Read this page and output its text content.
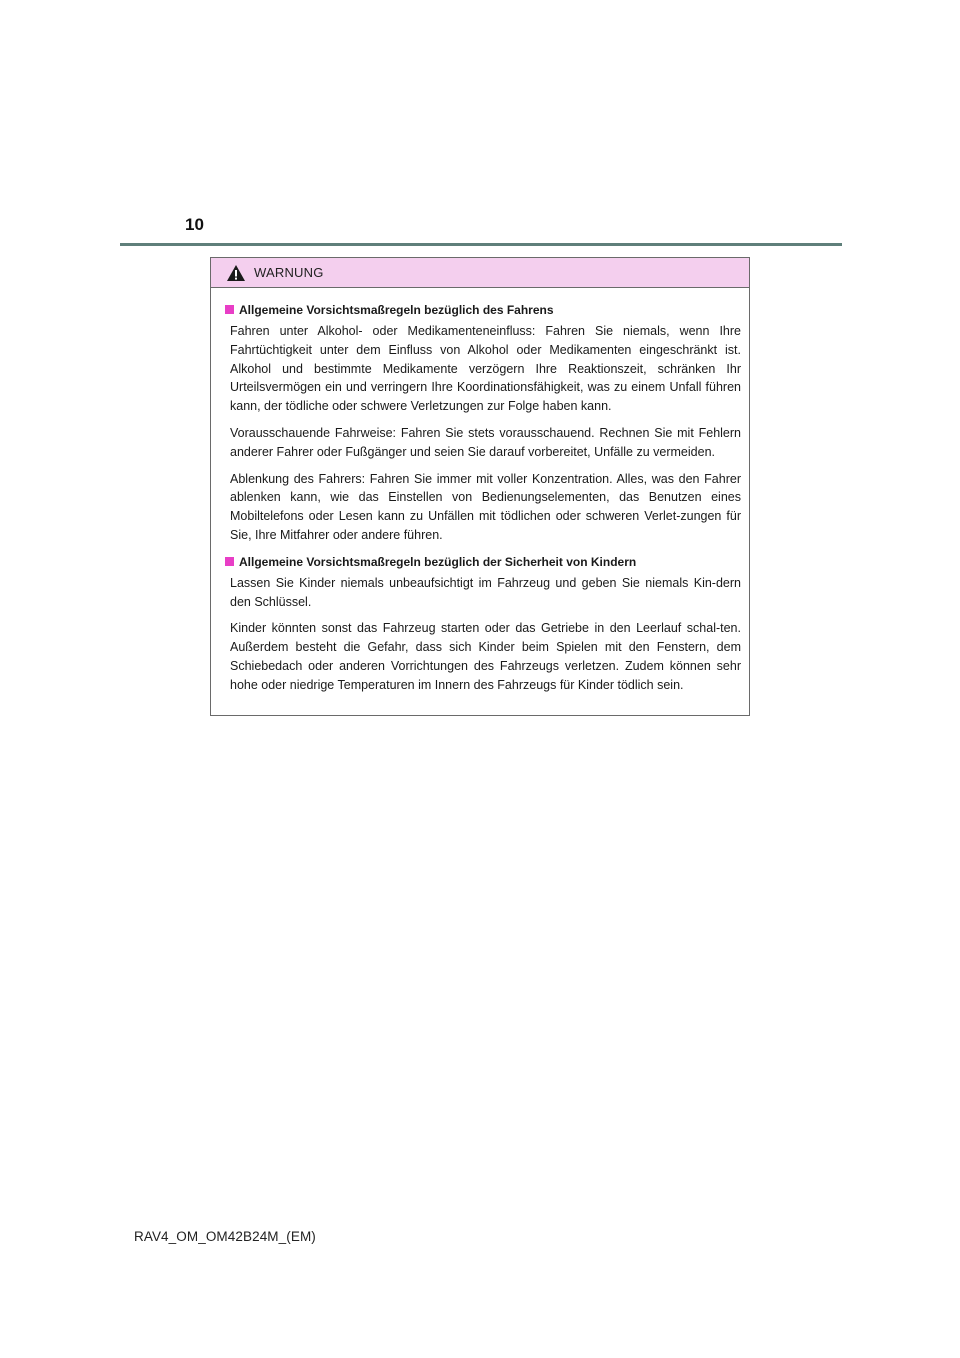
10
WARNUNG
Allgemeine Vorsichtsmaßregeln bezüglich des Fahrens

Fahren unter Alkohol- oder Medikamenteneinfluss: Fahren Sie niemals, wenn Ihre Fahrtüchtigkeit unter dem Einfluss von Alkohol oder Medikamenten eingeschränkt ist. Alkohol und bestimmte Medikamente verzögern Ihre Reaktionszeit, schränken Ihr Urteilsvermögen ein und verringern Ihre Koordinationsfähigkeit, was zu einem Unfall führen kann, der tödliche oder schwere Verletzungen zur Folge haben kann.

Vorausschauende Fahrweise: Fahren Sie stets vorausschauend. Rechnen Sie mit Fehlern anderer Fahrer oder Fußgänger und seien Sie darauf vorbereitet, Unfälle zu vermeiden.

Ablenkung des Fahrers: Fahren Sie immer mit voller Konzentration. Alles, was den Fahrer ablenken kann, wie das Einstellen von Bedienungselementen, das Benutzen eines Mobiltelefons oder Lesen kann zu Unfällen mit tödlichen oder schweren Verlet-zungen für Sie, Ihre Mitfahrer oder andere führen.

Allgemeine Vorsichtsmaßregeln bezüglich der Sicherheit von Kindern

Lassen Sie Kinder niemals unbeaufsichtigt im Fahrzeug und geben Sie niemals Kin-dern den Schlüssel.

Kinder könnten sonst das Fahrzeug starten oder das Getriebe in den Leerlauf schal-ten. Außerdem besteht die Gefahr, dass sich Kinder beim Spielen mit den Fenstern, dem Schiebedach oder anderen Vorrichtungen des Fahrzeugs verletzen. Zudem können sehr hohe oder niedrige Temperaturen im Innern des Fahrzeugs für Kinder tödlich sein.

RAV4_OM_OM42B24M_(EM)
